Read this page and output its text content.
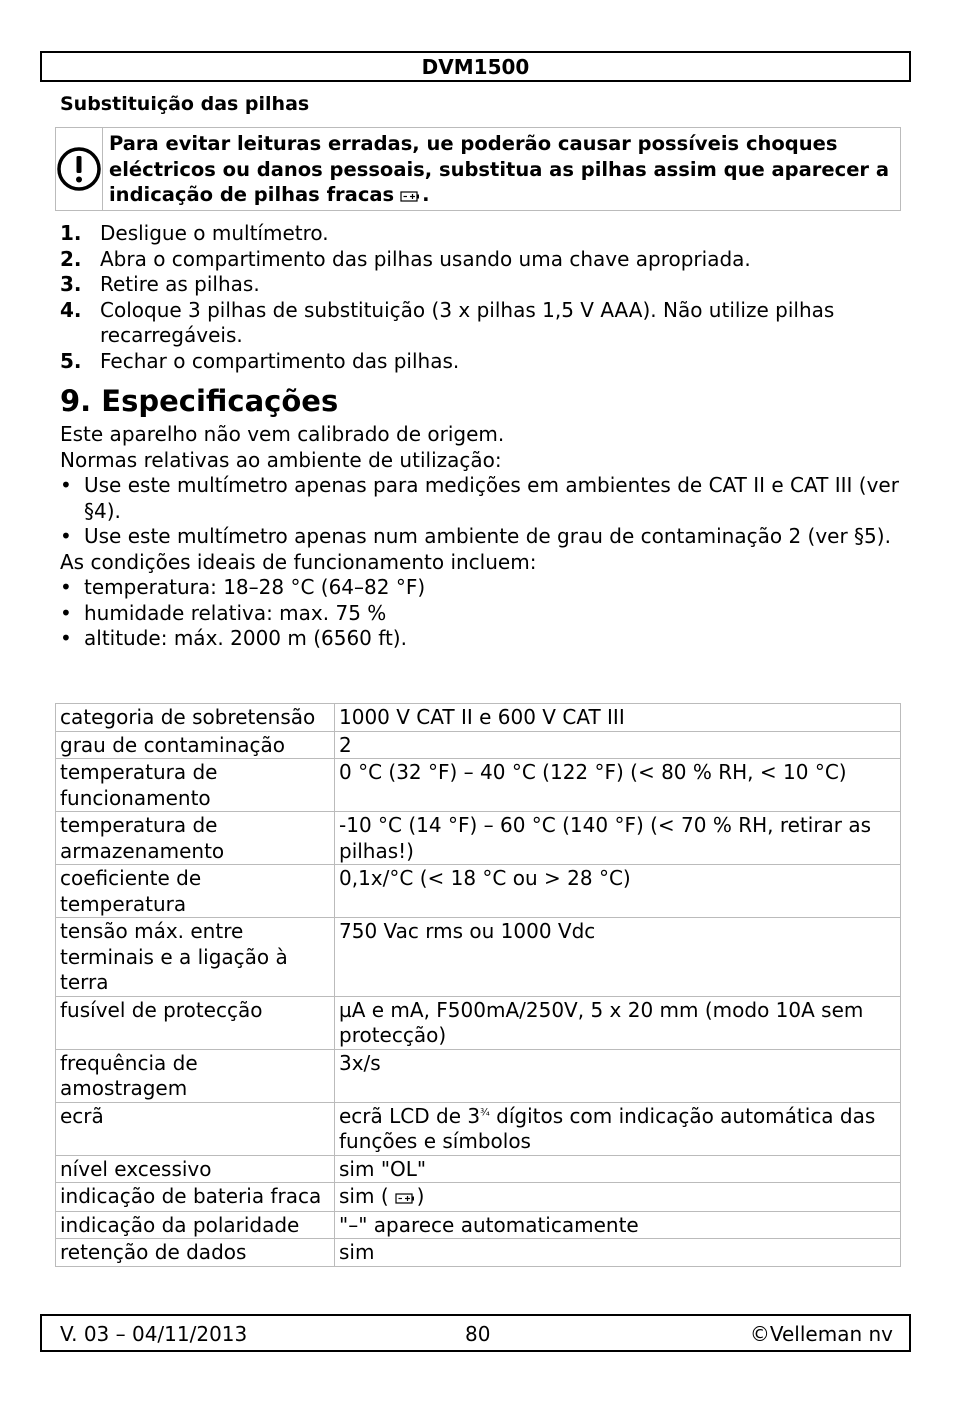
DVM1500
Substituição das pilhas
Para evitar leituras erradas, ue poderão causar possíveis choques eléctricos ou danos pessoais, substitua as pilhas assim que aparecer a indicação de pilhas fracas .
1. Desligue o multímetro.
2. Abra o compartimento das pilhas usando uma chave apropriada.
3. Retire as pilhas.
4. Coloque 3 pilhas de substituição (3 x pilhas 1,5 V AAA). Não utilize pilhas recarregáveis.
5. Fechar o compartimento das pilhas.
9. Especificações
Este aparelho não vem calibrado de origem.
Normas relativas ao ambiente de utilização:
• Use este multímetro apenas para medições em ambientes de CAT II e CAT III (ver §4).
• Use este multímetro apenas num ambiente de grau de contaminação 2 (ver §5).
As condições ideais de funcionamento incluem:
• temperatura: 18–28 °C (64–82 °F)
• humidade relativa: max. 75 %
• altitude: máx. 2000 m (6560 ft).
categoria de sobretensão	1000 V CAT II e 600 V CAT III
grau de contaminação	2
temperatura de funcionamento	0 °C (32 °F) – 40 °C (122 °F) (< 80 % RH, < 10 °C)
temperatura de armazenamento	-10 °C (14 °F) – 60 °C (140 °F) (< 70 % RH, retirar as pilhas!)
coeficiente de temperatura	0,1x/°C (< 18 °C ou > 28 °C)
tensão máx. entre terminais e a ligação à terra	750 Vac rms ou 1000 Vdc
fusível de protecção	µA e mA, F500mA/250V, 5 x 20 mm (modo 10A sem protecção)
frequência de amostragem	3x/s
ecrã	ecrã LCD de $3^{\frac{3}{4}}$ dígitos com indicação automática das funções e símbolos
nível excessivo	sim "OL"
indicação de bateria fraca	sim ( )
indicação da polaridade	"–" aparece automaticamente
retenção de dados	sim
V. 03 – 04/11/2013	80	©Velleman nv
